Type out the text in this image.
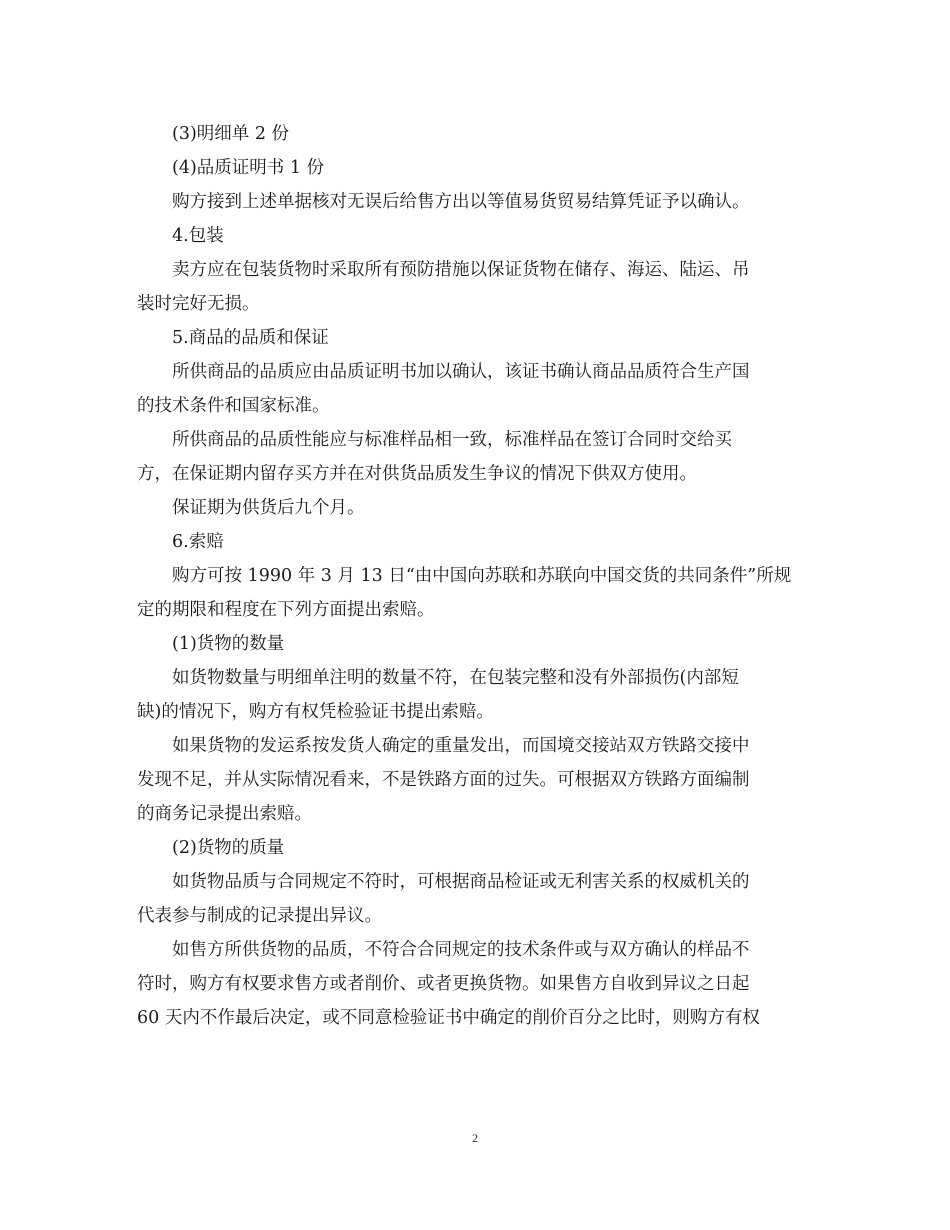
(3)明细单 2 份
(4)品质证明书 1 份
购方接到上述单据核对无误后给售方出以等值易货贸易结算凭证予以确认。
4.包装
卖方应在包装货物时采取所有预防措施以保证货物在储存、海运、陆运、吊
装时完好无损。
5.商品的品质和保证
所供商品的品质应由品质证明书加以确认，该证书确认商品品质符合生产国
的技术条件和国家标准。
所供商品的品质性能应与标准样品相一致，标准样品在签订合同时交给买
方，在保证期内留存买方并在对供货品质发生争议的情况下供双方使用。
保证期为供货后九个月。
6.索赔
购方可按 1990 年 3 月 13 日“由中国向苏联和苏联向中国交货的共同条件”所规
定的期限和程度在下列方面提出索赔。
(1)货物的数量
如货物数量与明细单注明的数量不符，在包装完整和没有外部损伤(内部短
缺)的情况下，购方有权凭检验证书提出索赔。
如果货物的发运系按发货人确定的重量发出，而国境交接站双方铁路交接中
发现不足，并从实际情况看来，不是铁路方面的过失。可根据双方铁路方面编制
的商务记录提出索赔。
(2)货物的质量
如货物品质与合同规定不符时，可根据商品检证或无利害关系的权威机关的
代表参与制成的记录提出异议。
如售方所供货物的品质，不符合合同规定的技术条件或与双方确认的样品不
符时，购方有权要求售方或者削价、或者更换货物。如果售方自收到异议之日起
60 天内不作最后决定，或不同意检验证书中确定的削价百分之比时，则购方有权
2
